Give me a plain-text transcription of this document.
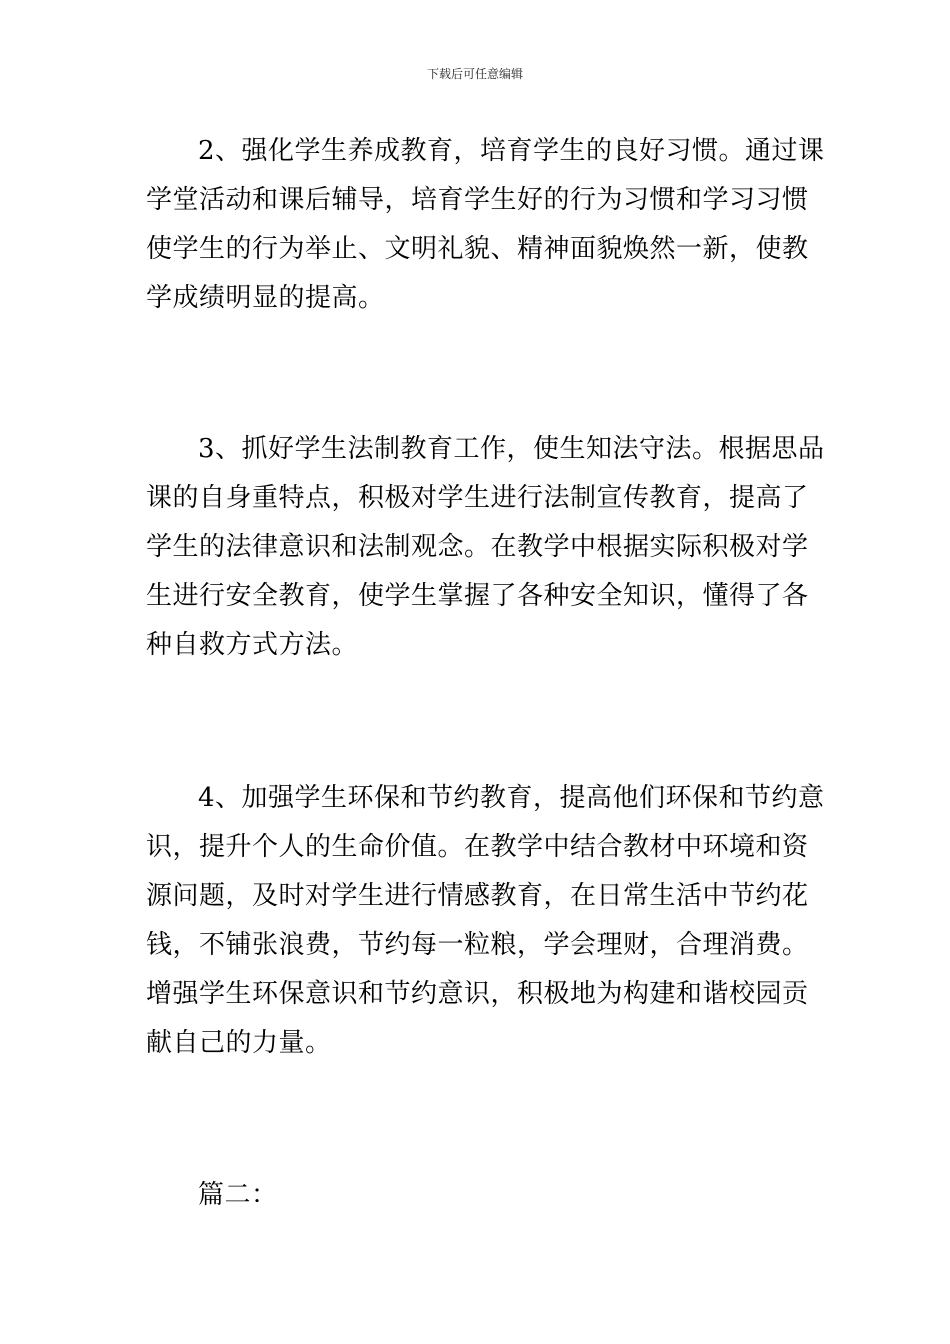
下载后可任意编辑
2、强化学生养成教育，培育学生的良好习惯。通过课
学堂活动和课后辅导，培育学生好的行为习惯和学习习惯
使学生的行为举止、文明礼貌、精神面貌焕然一新，使教
学成绩明显的提高。
3、抓好学生法制教育工作，使生知法守法。根据思品
课的自身重特点，积极对学生进行法制宣传教育，提高了
学生的法律意识和法制观念。在教学中根据实际积极对学
生进行安全教育，使学生掌握了各种安全知识，懂得了各
种自救方式方法。
4、加强学生环保和节约教育，提高他们环保和节约意
识，提升个人的生命价值。在教学中结合教材中环境和资
源问题，及时对学生进行情感教育，在日常生活中节约花
钱，不铺张浪费，节约每一粒粮，学会理财，合理消费。
增强学生环保意识和节约意识，积极地为构建和谐校园贡
献自己的力量。
篇二：
